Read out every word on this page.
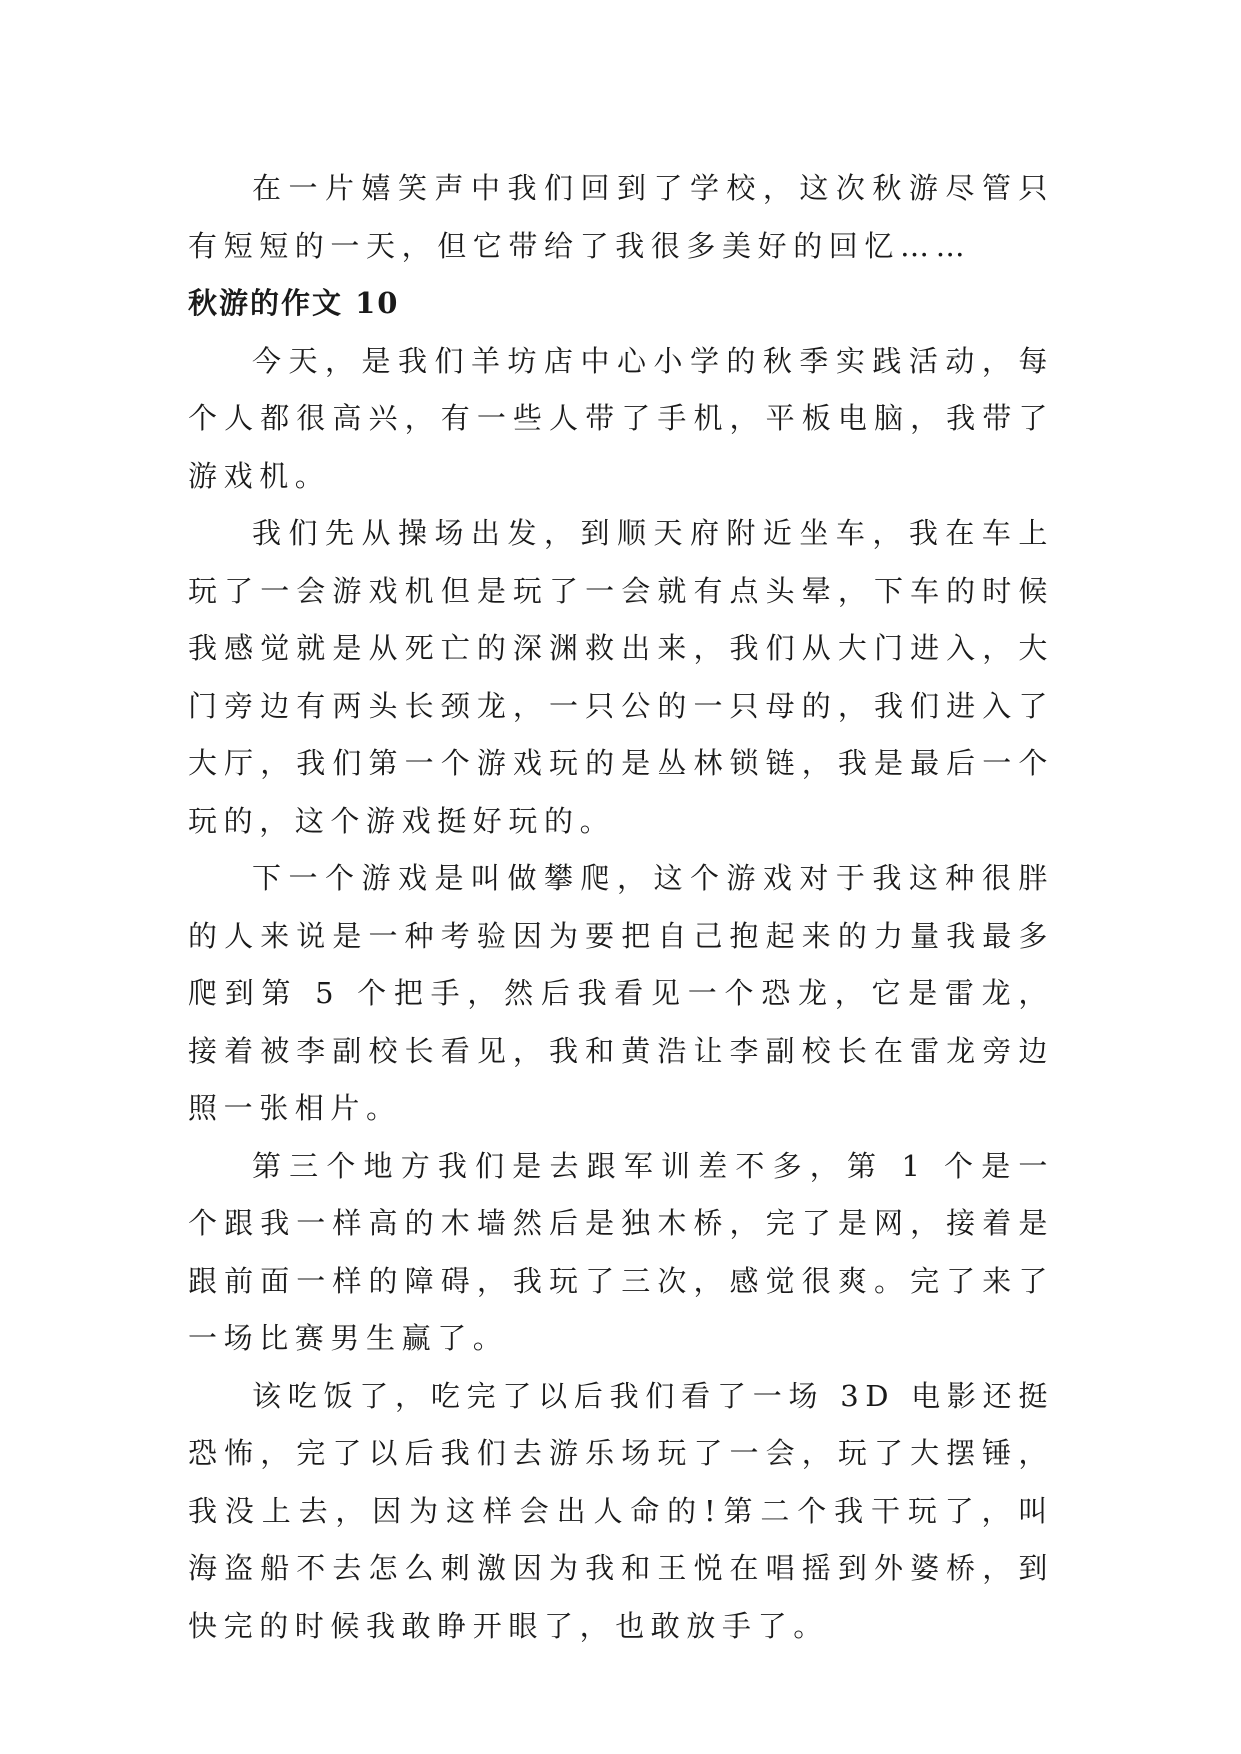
在一片嬉笑声中我们回到了学校，这次秋游尽管只有短短的一天，但它带给了我很多美好的回忆……

秋游的作文 10

今天，是我们羊坊店中心小学的秋季实践活动，每个人都很高兴，有一些人带了手机，平板电脑，我带了游戏机。

我们先从操场出发，到顺天府附近坐车，我在车上玩了一会游戏机但是玩了一会就有点头晕，下车的时候我感觉就是从死亡的深渊救出来，我们从大门进入，大门旁边有两头长颈龙，一只公的一只母的，我们进入了大厅，我们第一个游戏玩的是丛林锁链，我是最后一个玩的，这个游戏挺好玩的。

下一个游戏是叫做攀爬，这个游戏对于我这种很胖的人来说是一种考验因为要把自己抱起来的力量我最多爬到第 5 个把手，然后我看见一个恐龙，它是雷龙，接着被李副校长看见，我和黄浩让李副校长在雷龙旁边照一张相片。

第三个地方我们是去跟军训差不多，第 1 个是一个跟我一样高的木墙然后是独木桥，完了是网，接着是跟前面一样的障碍，我玩了三次，感觉很爽。完了来了一场比赛男生赢了。

该吃饭了，吃完了以后我们看了一场 3D 电影还挺恐怖，完了以后我们去游乐场玩了一会，玩了大摆锤，我没上去，因为这样会出人命的!第二个我干玩了，叫海盗船不去怎么刺激因为我和王悦在唱摇到外婆桥，到快完的时候我敢睁开眼了，也敢放手了。
